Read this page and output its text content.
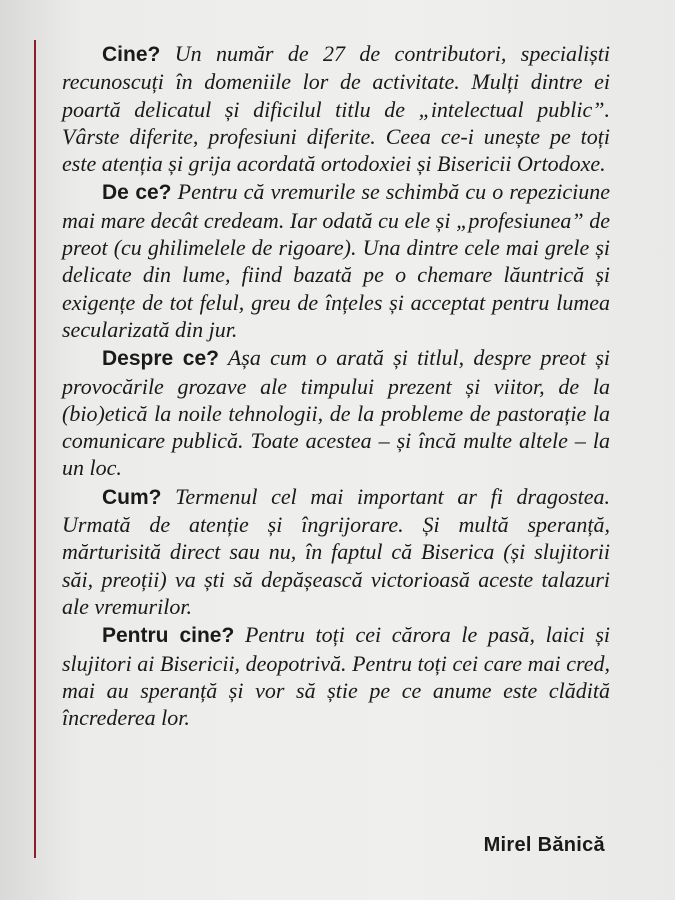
Cine? Un număr de 27 de contributori, specialiști recunoscuți în domeniile lor de activitate. Mulți dintre ei poartă delicatul și dificilul titlu de „intelectual public”. Vârste diferite, profesiuni diferite. Ceea ce-i unește pe toți este atenția și grija acordată ortodoxiei și Bisericii Ortodoxe.

De ce? Pentru că vremurile se schimbă cu o repeziciune mai mare decât credeam. Iar odată cu ele și „profesiunea” de preot (cu ghilimelele de rigoare). Una dintre cele mai grele și delicate din lume, fiind bazată pe o chemare lăuntrică și exigențe de tot felul, greu de înțeles și acceptat pentru lumea secularizată din jur.

Despre ce? Așa cum o arată și titlul, despre preot și provocările grozave ale timpului prezent și viitor, de la (bio)etică la noile tehnologii, de la probleme de pastorație la comunicare publică. Toate acestea – și încă multe altele – la un loc.

Cum? Termenul cel mai important ar fi dragostea. Urmată de atenție și îngrijorare. Și multă speranță, mărturisită direct sau nu, în faptul că Biserica (și slujitorii săi, preoții) va ști să depășească victorioasă aceste talazuri ale vremurilor.

Pentru cine? Pentru toți cei cărora le pasă, laici și slujitori ai Bisericii, deopotrivă. Pentru toți cei care mai cred, mai au speranță și vor să știe pe ce anume este clădită încrederea lor.

Mirel Bănică
